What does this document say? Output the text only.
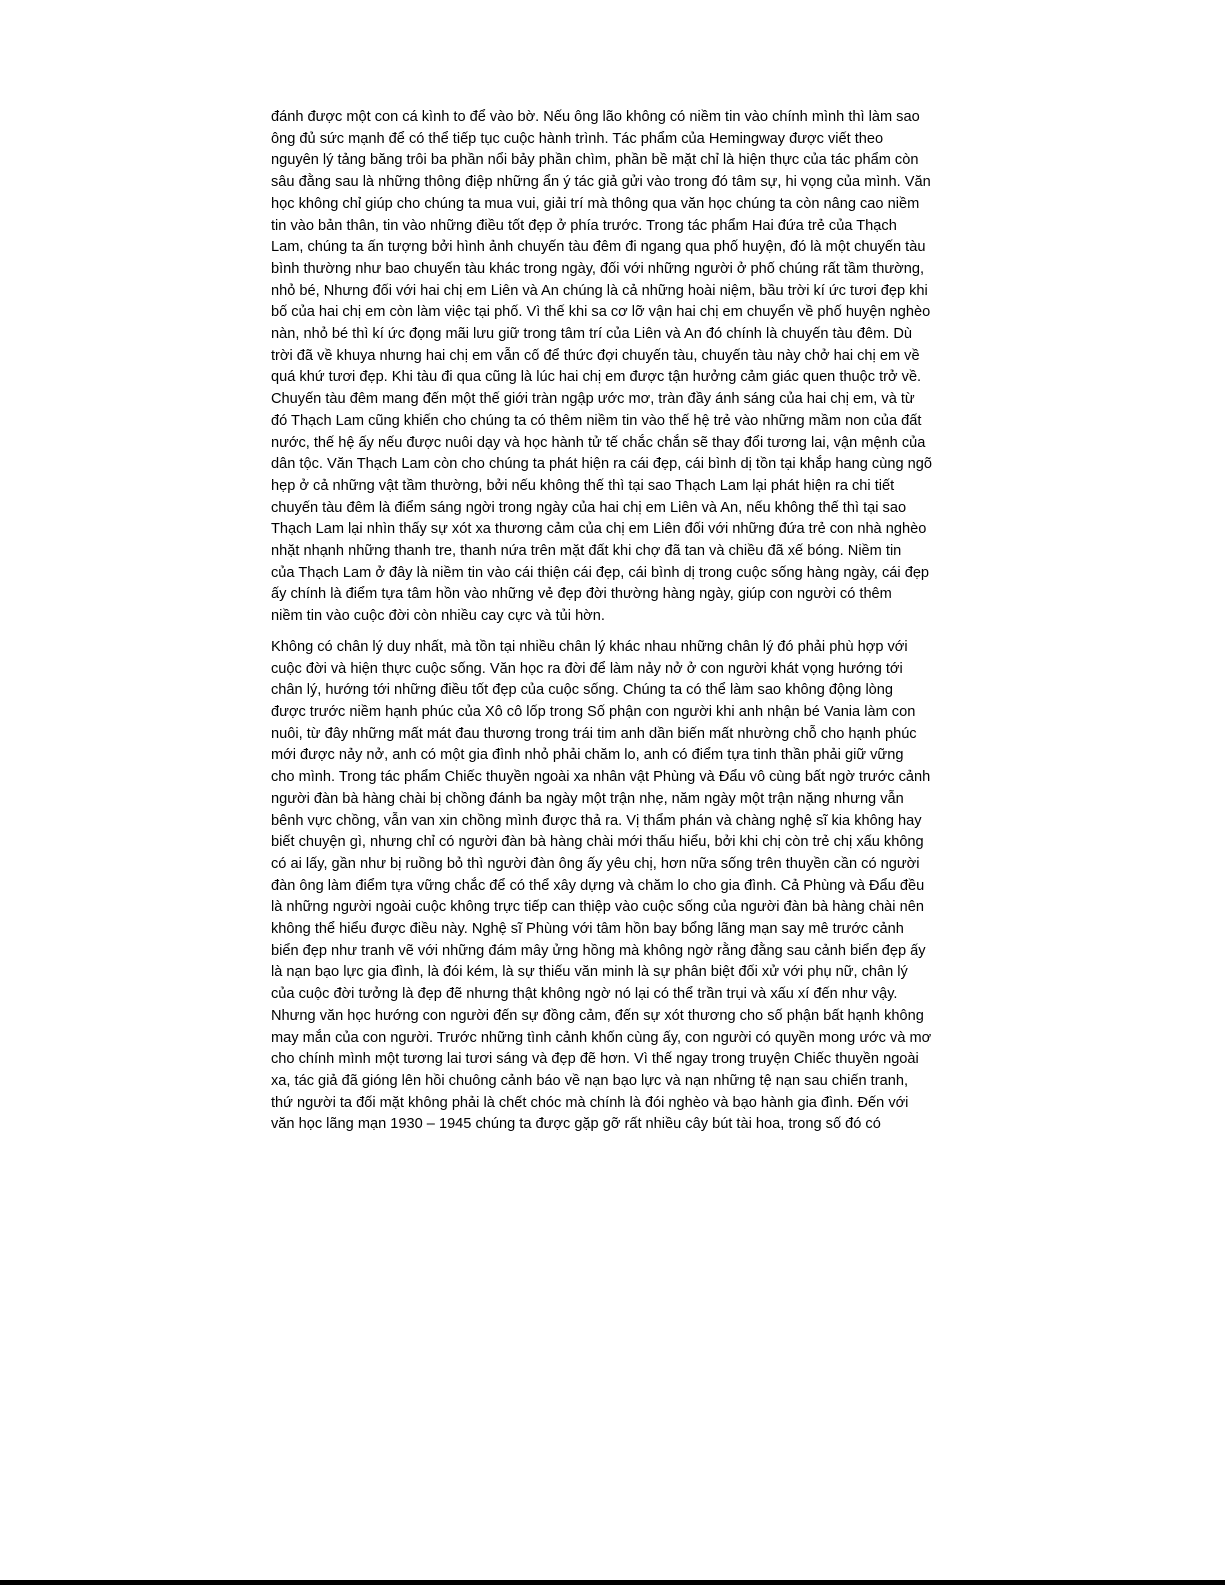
đánh được một con cá kình to để vào bờ. Nếu ông lão không có niềm tin vào chính mình thì làm sao
ông đủ sức mạnh để có thể tiếp tục cuộc hành trình. Tác phẩm của Hemingway được viết theo
nguyên lý tảng băng trôi ba phần nổi bảy phần chìm, phần bề mặt chỉ là hiện thực của tác phẩm còn
sâu đằng sau là những thông điệp những ẩn ý tác giả gửi vào trong đó tâm sự, hi vọng của mình. Văn
học không chỉ giúp cho chúng ta mua vui, giải trí mà thông qua văn học chúng ta còn nâng cao niềm
tin vào bản thân, tin vào những điều tốt đẹp ở phía trước. Trong tác phẩm Hai đứa trẻ của Thạch
Lam, chúng ta ấn tượng bởi hình ảnh chuyến tàu đêm đi ngang qua phố huyện, đó là một chuyến tàu
bình thường như bao chuyến tàu khác trong ngày, đối với những người ở phố chúng rất tầm thường,
nhỏ bé, Nhưng đối với hai chị em Liên và An chúng là cả những hoài niệm, bầu trời kí ức tươi đẹp khi
bố của hai chị em còn làm việc tại phố. Vì thế khi sa cơ lỡ vận hai chị em chuyển về phố huyện nghèo
nàn, nhỏ bé thì kí ức đọng mãi lưu giữ trong tâm trí của Liên và An đó chính là chuyến tàu đêm. Dù
trời đã về khuya nhưng hai chị em vẫn cố để thức đợi chuyến tàu, chuyến tàu này chở hai chị em về
quá khứ tươi đẹp. Khi tàu đi qua cũng là lúc hai chị em được tận hưởng cảm giác quen thuộc trở về.
Chuyến tàu đêm mang đến một thế giới tràn ngập ước mơ, tràn đầy ánh sáng của hai chị em, và từ
đó Thạch Lam cũng khiến cho chúng ta có thêm niềm tin vào thế hệ trẻ vào những mầm non của đất
nước, thế hệ ấy nếu được nuôi dạy và học hành tử tế chắc chắn sẽ thay đổi tương lai, vận mệnh của
dân tộc. Văn Thạch Lam còn cho chúng ta phát hiện ra cái đẹp, cái bình dị tồn tại khắp hang cùng ngõ
hẹp ở cả những vật tầm thường, bởi nếu không thế thì tại sao Thạch Lam lại phát hiện ra chi tiết
chuyến tàu đêm là điểm sáng ngời trong ngày của hai chị em Liên và An, nếu không thế thì tại sao
Thạch Lam lại nhìn thấy sự xót xa thương cảm của chị em Liên đối với những đứa trẻ con nhà nghèo
nhặt nhạnh những thanh tre, thanh nứa trên mặt đất khi chợ đã tan và chiều đã xế bóng. Niềm tin
của Thạch Lam ở đây là niềm tin vào cái thiện cái đẹp, cái bình dị trong cuộc sống hàng ngày, cái đẹp
ấy chính là điểm tựa tâm hồn vào những vẻ đẹp đời thường hàng ngày, giúp con người có thêm
niềm tin vào cuộc đời còn nhiều cay cực và tủi hờn.

Không có chân lý duy nhất, mà tồn tại nhiều chân lý khác nhau những chân lý đó phải phù hợp với
cuộc đời và hiện thực cuộc sống. Văn học ra đời để làm nảy nở ở con người khát vọng hướng tới
chân lý, hướng tới những điều tốt đẹp của cuộc sống. Chúng ta có thể làm sao không động lòng
được trước niềm hạnh phúc của Xô cô lốp trong Số phận con người khi anh nhận bé Vania làm con
nuôi, từ đây những mất mát đau thương trong trái tim anh dần biến mất nhường chỗ cho hạnh phúc
mới được nảy nở, anh có một gia đình nhỏ phải chăm lo, anh có điểm tựa tinh thần phải giữ vững
cho mình. Trong tác phẩm Chiếc thuyền ngoài xa nhân vật Phùng và Đẩu vô cùng bất ngờ trước cảnh
người đàn bà hàng chài bị chồng đánh ba ngày một trận nhẹ, năm ngày một trận nặng nhưng vẫn
bênh vực chồng, vẫn van xin chồng mình được thả ra. Vị thẩm phán và chàng nghệ sĩ kia không hay
biết chuyện gì, nhưng chỉ có người đàn bà hàng chài mới thấu hiểu, bởi khi chị còn trẻ chị xấu không
có ai lấy, gần như bị ruồng bỏ thì người đàn ông ấy yêu chị, hơn nữa sống trên thuyền cần có người
đàn ông làm điểm tựa vững chắc để có thể xây dựng và chăm lo cho gia đình. Cả Phùng và Đẩu đều
là những người ngoài cuộc không trực tiếp can thiệp vào cuộc sống của người đàn bà hàng chài nên
không thể hiểu được điều này. Nghệ sĩ Phùng với tâm hồn bay bổng lãng mạn say mê trước cảnh
biển đẹp như tranh vẽ với những đám mây ửng hồng mà không ngờ rằng đằng sau cảnh biển đẹp ấy
là nạn bạo lực gia đình, là đói kém, là sự thiếu văn minh là sự phân biệt đối xử với phụ nữ, chân lý
của cuộc đời tưởng là đẹp đẽ nhưng thật không ngờ nó lại có thể trần trụi và xấu xí đến như vậy.
Nhưng văn học hướng con người đến sự đồng cảm, đến sự xót thương cho số phận bất hạnh không
may mắn của con người. Trước những tình cảnh khốn cùng ấy, con người có quyền mong ước và mơ
cho chính mình một tương lai tươi sáng và đẹp đẽ hơn. Vì thế ngay trong truyện Chiếc thuyền ngoài
xa, tác giả đã gióng lên hồi chuông cảnh báo về nạn bạo lực và nạn những tệ nạn sau chiến tranh,
thứ người ta đối mặt không phải là chết chóc mà chính là đói nghèo và bạo hành gia đình. Đến với
văn học lãng mạn 1930 – 1945 chúng ta được gặp gỡ rất nhiều cây bút tài hoa, trong số đó có
